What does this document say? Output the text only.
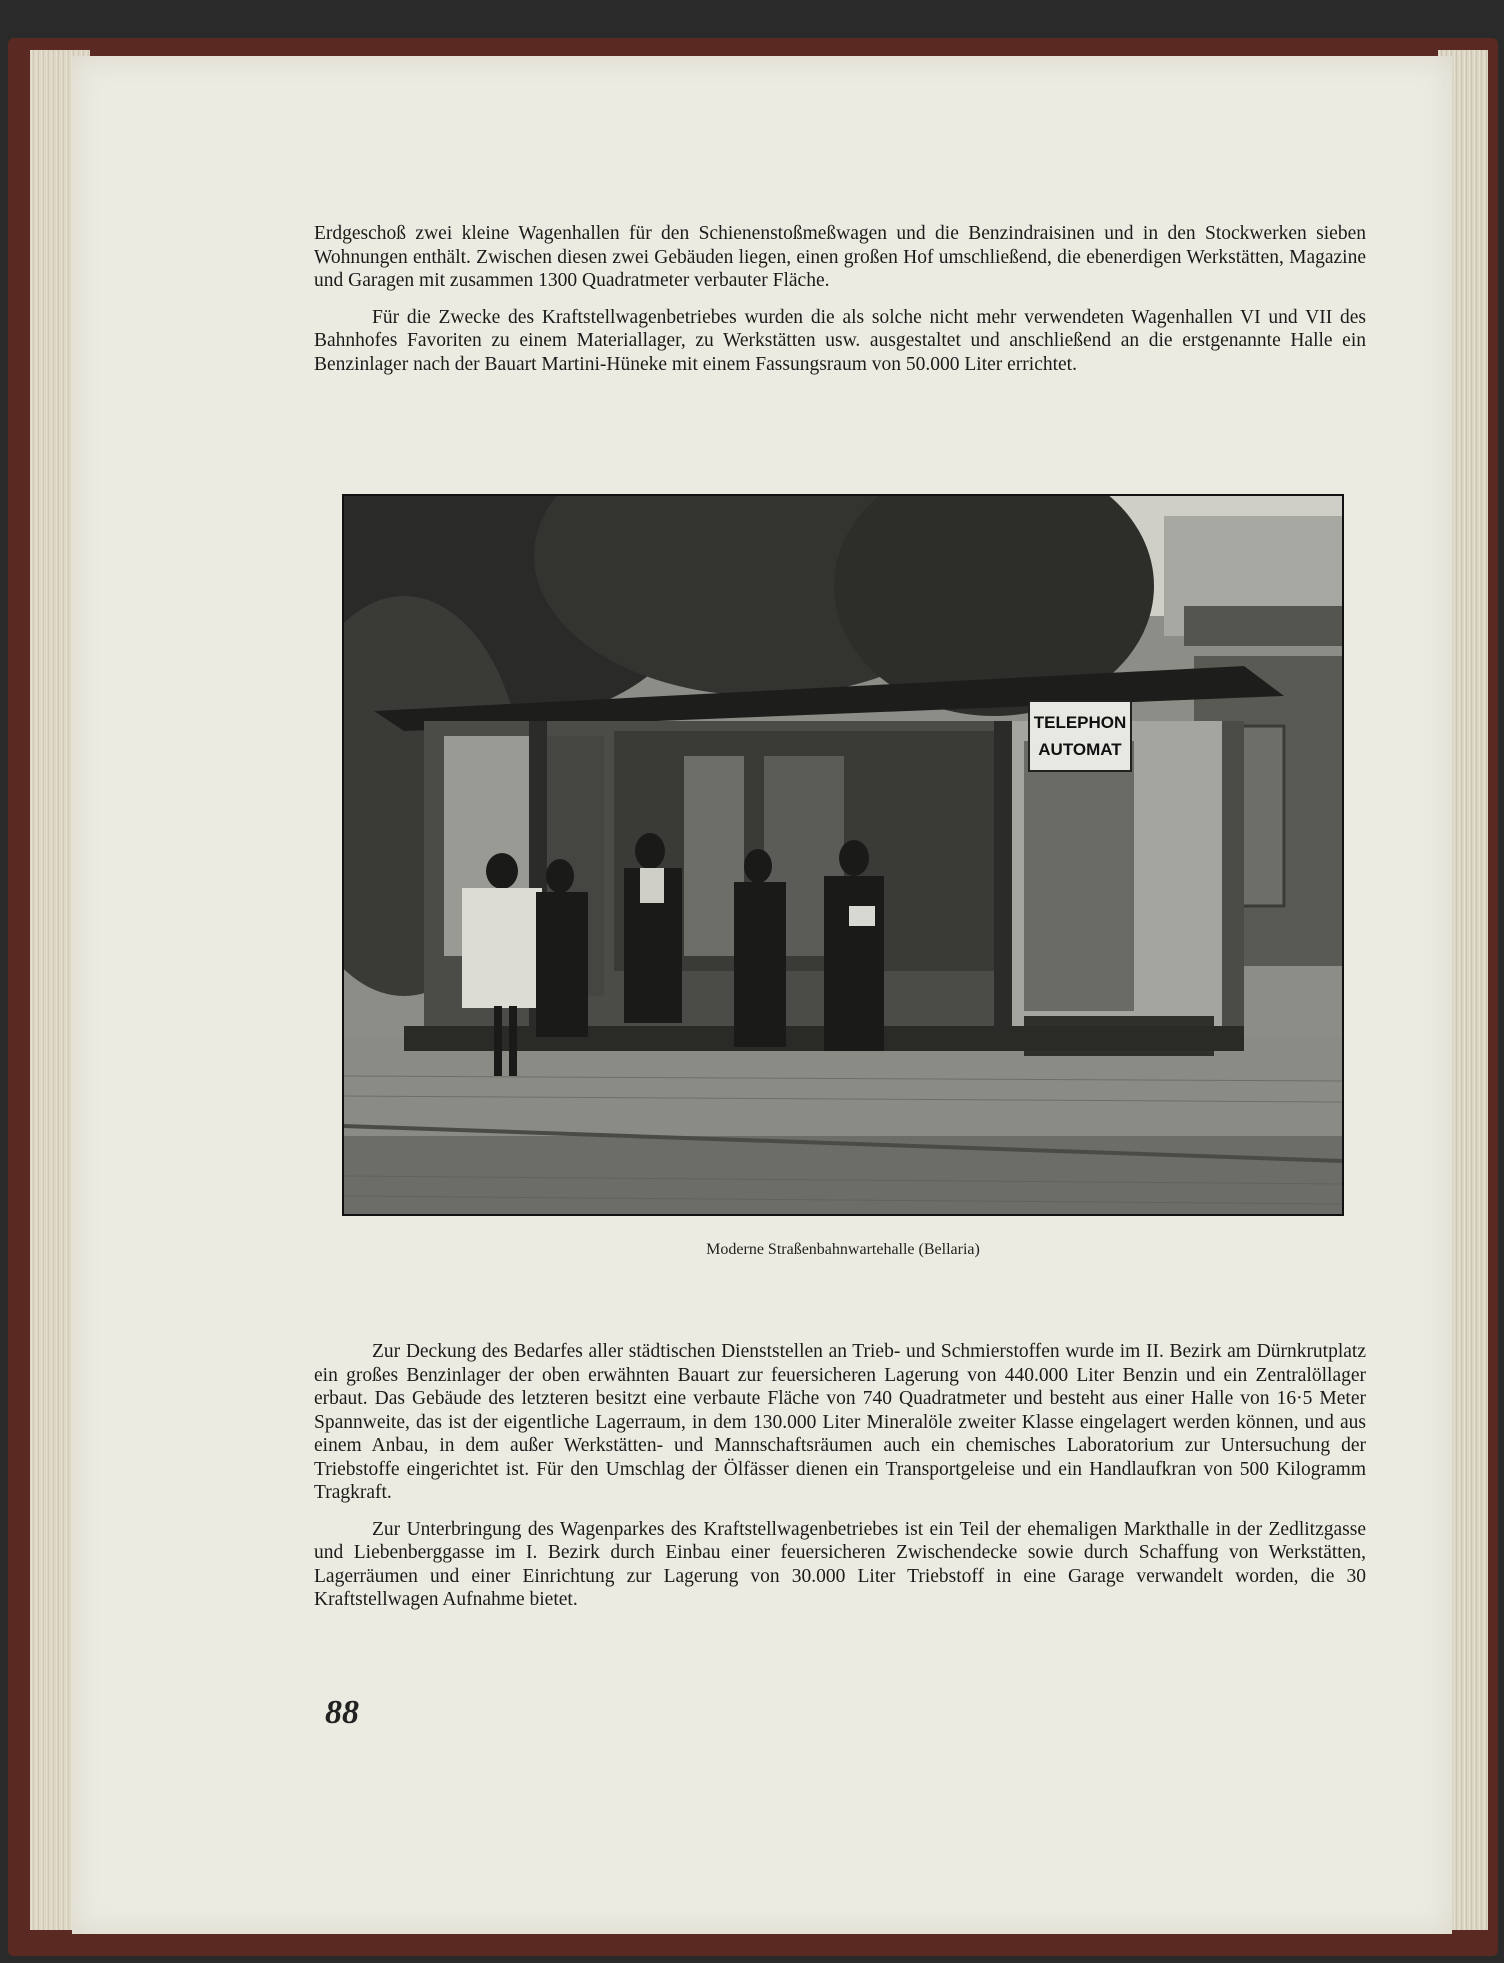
Erdgeschoß zwei kleine Wagenhallen für den Schienenstoßmeßwagen und die Benzindraisinen und in den Stockwerken sieben Wohnungen enthält. Zwischen diesen zwei Gebäuden liegen, einen großen Hof umschließend, die ebenerdigen Werkstätten, Magazine und Garagen mit zusammen 1300 Quadratmeter verbauter Fläche.

Für die Zwecke des Kraftstellwagenbetriebes wurden die als solche nicht mehr verwendeten Wagenhallen VI und VII des Bahnhofes Favoriten zu einem Materiallager, zu Werkstätten usw. ausgestaltet und anschließend an die erstgenannte Halle ein Benzinlager nach der Bauart Martini-Hüneke mit einem Fassungsraum von 50.000 Liter errichtet.

TELEPHON
AUTOMAT
Moderne Straßenbahnwartehalle (Bellaria)

Zur Deckung des Bedarfes aller städtischen Dienststellen an Trieb- und Schmierstoffen wurde im II. Bezirk am Dürnkrutplatz ein großes Benzinlager der oben erwähnten Bauart zur feuersicheren Lagerung von 440.000 Liter Benzin und ein Zentralöllager erbaut. Das Gebäude des letzteren besitzt eine verbaute Fläche von 740 Quadratmeter und besteht aus einer Halle von 16·5 Meter Spannweite, das ist der eigentliche Lagerraum, in dem 130.000 Liter Mineralöle zweiter Klasse eingelagert werden können, und aus einem Anbau, in dem außer Werkstätten- und Mannschaftsräumen auch ein chemisches Laboratorium zur Untersuchung der Triebstoffe eingerichtet ist. Für den Umschlag der Ölfässer dienen ein Transportgeleise und ein Handlaufkran von 500 Kilogramm Tragkraft.

Zur Unterbringung des Wagenparkes des Kraftstellwagenbetriebes ist ein Teil der ehemaligen Markthalle in der Zedlitzgasse und Liebenberggasse im I. Bezirk durch Einbau einer feuersicheren Zwischendecke sowie durch Schaffung von Werkstätten, Lagerräumen und einer Einrichtung zur Lagerung von 30.000 Liter Triebstoff in eine Garage verwandelt worden, die 30 Kraftstellwagen Aufnahme bietet.

88
